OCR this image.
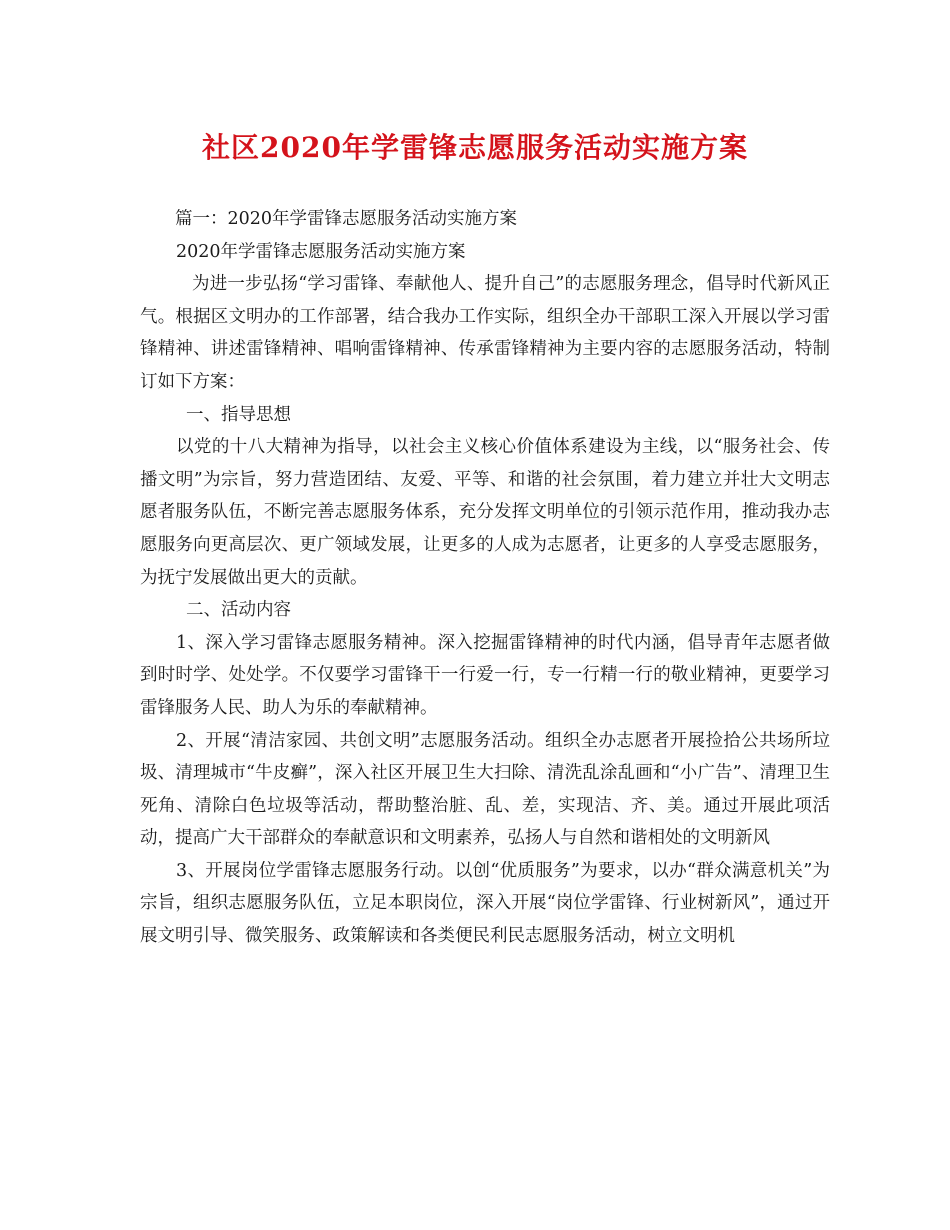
社区2020年学雷锋志愿服务活动实施方案

篇一：2020年学雷锋志愿服务活动实施方案

2020年学雷锋志愿服务活动实施方案

为进一步弘扬“学习雷锋、奉献他人、提升自己”的志愿服务理念，倡导时代新风正气。根据区文明办的工作部署，结合我办工作实际，组织全办干部职工深入开展以学习雷锋精神、讲述雷锋精神、唱响雷锋精神、传承雷锋精神为主要内容的志愿服务活动，特制订如下方案：

一、指导思想

以党的十八大精神为指导，以社会主义核心价值体系建设为主线，以“服务社会、传播文明”为宗旨，努力营造团结、友爱、平等、和谐的社会氛围，着力建立并壮大文明志愿者服务队伍，不断完善志愿服务体系，充分发挥文明单位的引领示范作用，推动我办志愿服务向更高层次、更广领域发展，让更多的人成为志愿者，让更多的人享受志愿服务，为抚宁发展做出更大的贡献。

二、活动内容

1、深入学习雷锋志愿服务精神。深入挖掘雷锋精神的时代内涵，倡导青年志愿者做到时时学、处处学。不仅要学习雷锋干一行爱一行，专一行精一行的敬业精神，更要学习雷锋服务人民、助人为乐的奉献精神。

2、开展“清洁家园、共创文明”志愿服务活动。组织全办志愿者开展捡拾公共场所垃圾、清理城市“牛皮癣”，深入社区开展卫生大扫除、清洗乱涂乱画和“小广告”、清理卫生死角、清除白色垃圾等活动，帮助整治脏、乱、差，实现洁、齐、美。通过开展此项活动，提高广大干部群众的奉献意识和文明素养，弘扬人与自然和谐相处的文明新风

3、开展岗位学雷锋志愿服务行动。以创“优质服务”为要求，以办“群众满意机关”为宗旨，组织志愿服务队伍，立足本职岗位，深入开展“岗位学雷锋、行业树新风”，通过开展文明引导、微笑服务、政策解读和各类便民利民志愿服务活动，树立文明机
